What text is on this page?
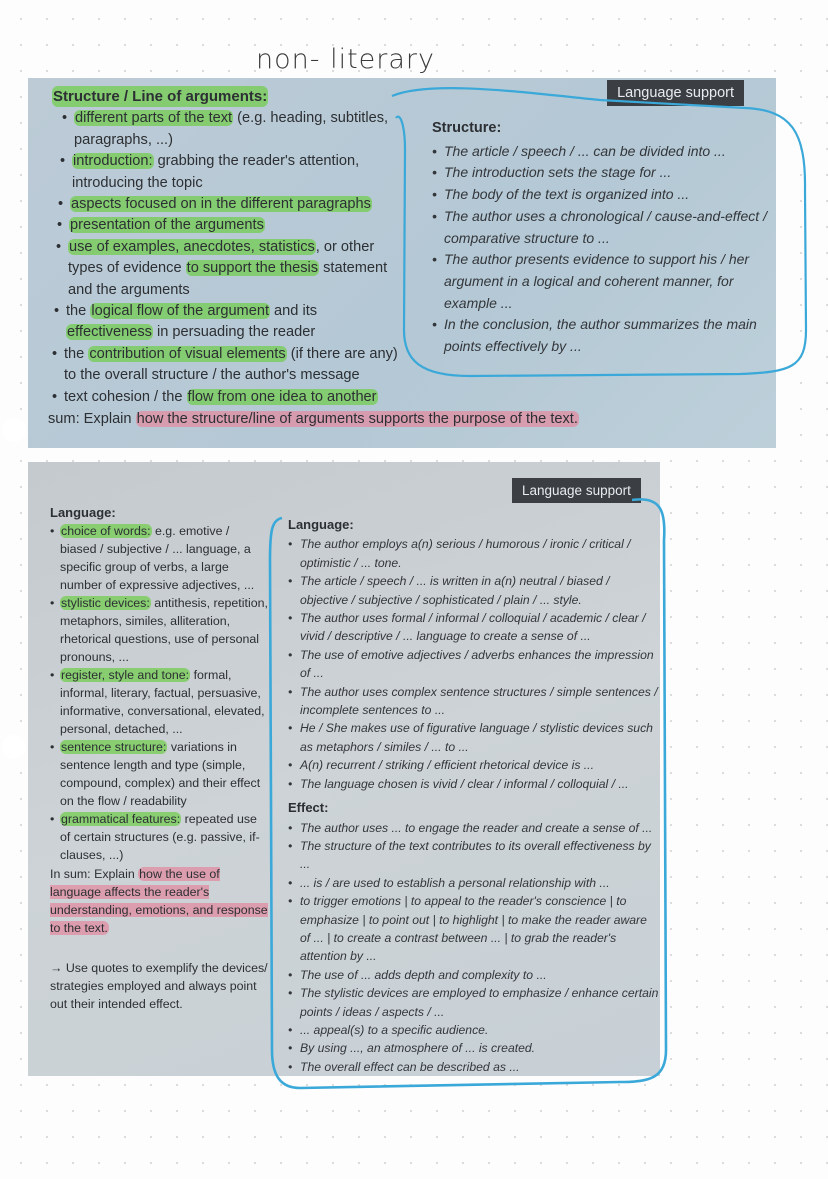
non- literary
Structure / Line of arguments:
• different parts of the text (e.g. heading, subtitles, paragraphs, ...)
• introduction: grabbing the reader's attention, introducing the topic
• aspects focused on in the different paragraphs
• presentation of the arguments
• use of examples, anecdotes, statistics, or other types of evidence to support the thesis statement and the arguments
• the logical flow of the argument and its effectiveness in persuading the reader
• the contribution of visual elements (if there are any) to the overall structure / the author's message
• text cohesion / the flow from one idea to another
sum: Explain how the structure/line of arguments supports the purpose of the text.
Language support
Structure:
• The article / speech / ... can be divided into ...
• The introduction sets the stage for ...
• The body of the text is organized into ...
• The author uses a chronological / cause-and-effect / comparative structure to ...
• The author presents evidence to support his / her argument in a logical and coherent manner, for example ...
• In the conclusion, the author summarizes the main points effectively by ...
Language support
Language:
• choice of words: e.g. emotive / biased / subjective / ... language, a specific group of verbs, a large number of expressive adjectives, ...
• stylistic devices: antithesis, repetition, metaphors, similes, alliteration, rhetorical questions, use of personal pronouns, ...
• register, style and tone: formal, informal, literary, factual, persuasive, informative, conversational, elevated, personal, detached, ...
• sentence structure: variations in sentence length and type (simple, compound, complex) and their effect on the flow / readability
• grammatical features: repeated use of certain structures (e.g. passive, if-clauses, ...)
In sum: Explain how the use of language affects the reader's understanding, emotions, and response to the text.
→ Use quotes to exemplify the devices/ strategies employed and always point out their intended effect.
Language:
• The author employs a(n) serious / humorous / ironic / critical / optimistic / ... tone.
• The article / speech / ... is written in a(n) neutral / biased / objective / subjective / sophisticated / plain / ... style.
• The author uses formal / informal / colloquial / academic / clear / vivid / descriptive / ... language to create a sense of ...
• The use of emotive adjectives / adverbs enhances the impression of ...
• The author uses complex sentence structures / simple sentences / incomplete sentences to ...
• He / She makes use of figurative language / stylistic devices such as metaphors / similes / ... to ...
• A(n) recurrent / striking / efficient rhetorical device is ...
• The language chosen is vivid / clear / informal / colloquial / ...
Effect:
• The author uses ... to engage the reader and create a sense of ...
• The structure of the text contributes to its overall effectiveness by ...
• ... is / are used to establish a personal relationship with ...
• to trigger emotions | to appeal to the reader's conscience | to emphasize | to point out | to highlight | to make the reader aware of ... | to create a contrast between ... | to grab the reader's attention by ...
• The use of ... adds depth and complexity to ...
• The stylistic devices are employed to emphasize / enhance certain points / ideas / aspects / ...
• ... appeal(s) to a specific audience.
• By using ..., an atmosphere of ... is created.
• The overall effect can be described as ...
